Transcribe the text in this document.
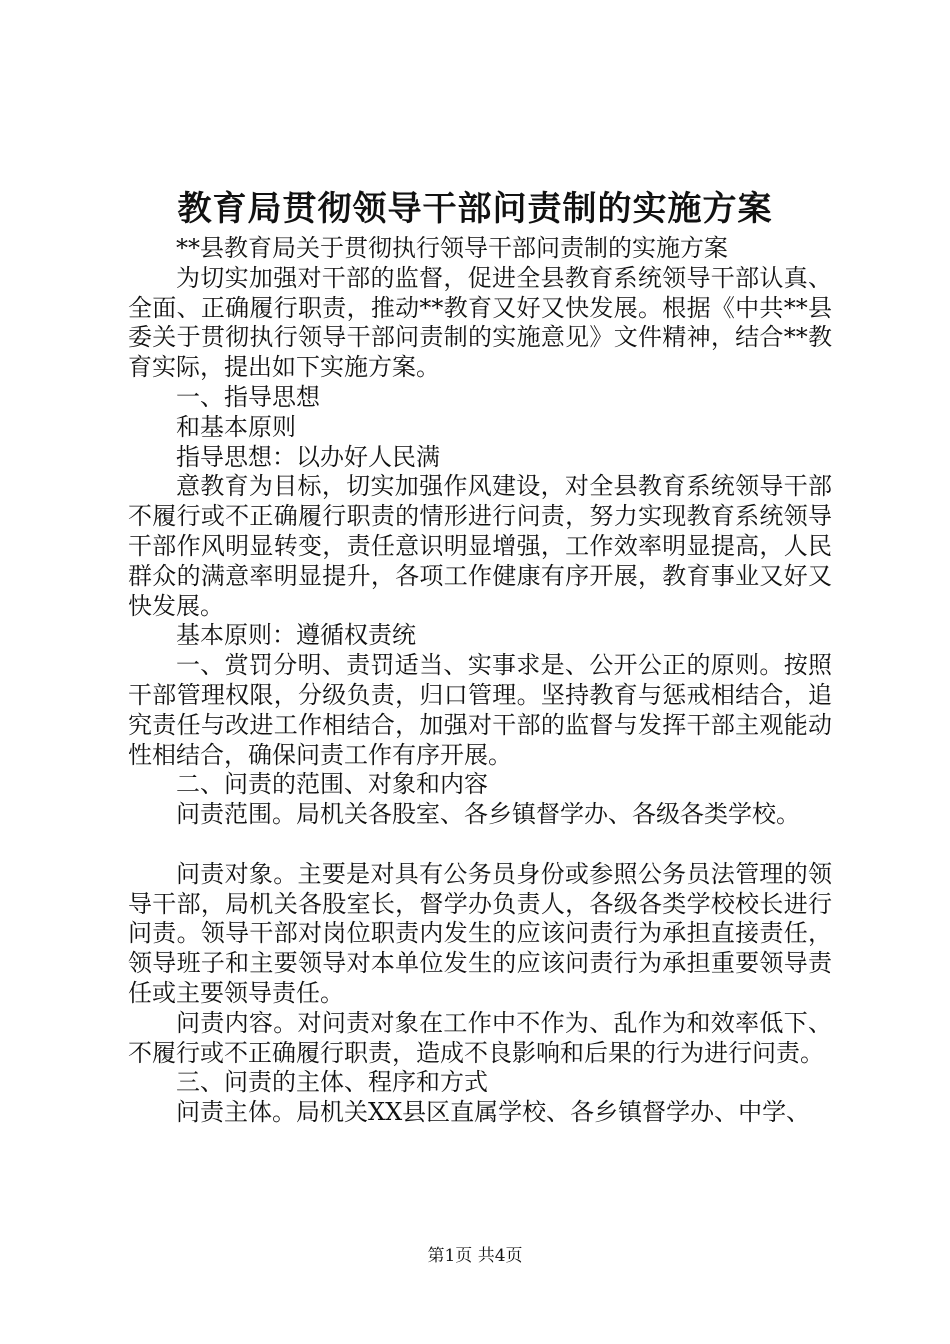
教育局贯彻领导干部问责制的实施方案

**县教育局关于贯彻执行领导干部问责制的实施方案

为切实加强对干部的监督，促进全县教育系统领导干部认真、全面、正确履行职责，推动**教育又好又快发展。根据《中共**县委关于贯彻执行领导干部问责制的实施意见》文件精神，结合**教育实际，提出如下实施方案。

一、指导思想

和基本原则

指导思想：以办好人民满

意教育为目标，切实加强作风建设，对全县教育系统领导干部不履行或不正确履行职责的情形进行问责，努力实现教育系统领导干部作风明显转变，责任意识明显增强，工作效率明显提高，人民群众的满意率明显提升，各项工作健康有序开展，教育事业又好又快发展。

基本原则：遵循权责统

一、赏罚分明、责罚适当、实事求是、公开公正的原则。按照干部管理权限，分级负责，归口管理。坚持教育与惩戒相结合，追究责任与改进工作相结合，加强对干部的监督与发挥干部主观能动性相结合，确保问责工作有序开展。

二、问责的范围、对象和内容

问责范围。局机关各股室、各乡镇督学办、各级各类学校。

问责对象。主要是对具有公务员身份或参照公务员法管理的领导干部，局机关各股室长，督学办负责人，各级各类学校校长进行问责。领导干部对岗位职责内发生的应该问责行为承担直接责任，领导班子和主要领导对本单位发生的应该问责行为承担重要领导责任或主要领导责任。

问责内容。对问责对象在工作中不作为、乱作为和效率低下、不履行或不正确履行职责，造成不良影响和后果的行为进行问责。

三、问责的主体、程序和方式

问责主体。局机关XX县区直属学校、各乡镇督学办、中学、

第1页 共4页
